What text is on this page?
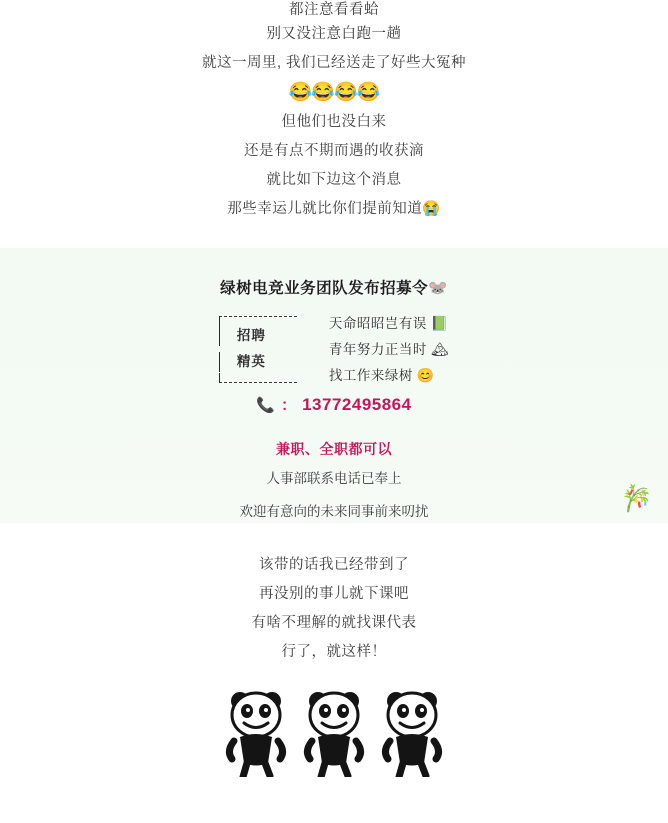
都注意看看蛤
别又没注意白跑一趟
就这一周里, 我们已经送走了好些大冤种
😂😂😂😂
但他们也没白来
还是有点不期而遇的收获滴
就比如下边这个消息
那些幸运儿就比你们提前知道😭
绿树电竞业务团队发布招募令🐭
招聘
精英
天命昭昭岂有误 📗
青年努力正当时 🏔
找工作来绿树 😊
📞 ： 13772495864
兼职、全职都可以
人事部联系电话已奉上
欢迎有意向的未来同事前来叨扰	🎋
该带的话我已经带到了
再没别的事儿就下课吧
有啥不理解的就找课代表
行了，就这样！
